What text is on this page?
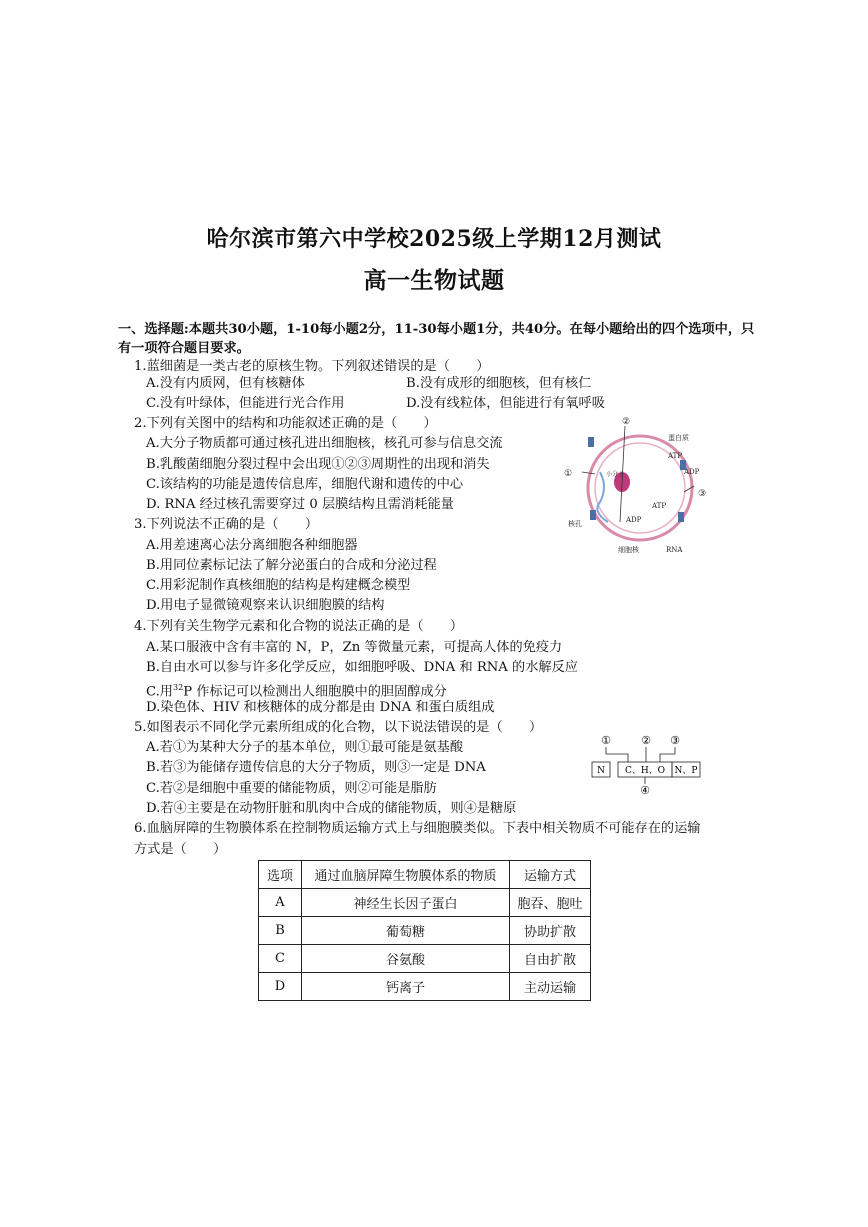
哈尔滨市第六中学校2025级上学期12月测试
高一生物试题
一、选择题:本题共30小题，1-10每小题2分，11-30每小题1分，共40分。在每小题给出的四个选项中，只有一项符合题目要求。
1.蓝细菌是一类古老的原核生物。下列叙述错误的是（　　）
A.没有内质网，但有核糖体	B.没有成形的细胞核，但有核仁
C.没有叶绿体，但能进行光合作用	D.没有线粒体，但能进行有氧呼吸
2.下列有关图中的结构和功能叙述正确的是（　　）
A.大分子物质都可通过核孔进出细胞核，核孔可参与信息交流
B.乳酸菌细胞分裂过程中会出现①②③周期性的出现和消失
C.该结构的功能是遗传信息库，细胞代谢和遗传的中心
D. RNA 经过核孔需要穿过 0 层膜结构且需消耗能量
②
蛋白质
ATP
ADP
①	小分子
③
ATP
ADP
核孔
细胞核	RNA
3.下列说法不正确的是（　　）
A.用差速离心法分离细胞各种细胞器
B.用同位素标记法了解分泌蛋白的合成和分泌过程
C.用彩泥制作真核细胞的结构是构建概念模型
D.用电子显微镜观察来认识细胞膜的结构
4.下列有关生物学元素和化合物的说法正确的是（　　）
A.某口服液中含有丰富的 N，P，Zn 等微量元素，可提高人体的免疫力
B.自由水可以参与许多化学反应，如细胞呼吸、DNA 和 RNA 的水解反应
C.用$^{32}$P 作标记可以检测出人细胞膜中的胆固醇成分
D.染色体、HIV 和核糖体的成分都是由 DNA 和蛋白质组成
5.如图表示不同化学元素所组成的化合物，以下说法错误的是（　　）
A.若①为某种大分子的基本单位，则①最可能是氨基酸
B.若③为能储存遗传信息的大分子物质，则③一定是 DNA
C.若②是细胞中重要的储能物质，则②可能是脂肪
D.若④主要是在动物肝脏和肌肉中合成的储能物质，则④是糖原
①	② ③
N C、H、O N、P
④
6.血脑屏障的生物膜体系在控制物质运输方式上与细胞膜类似。下表中相关物质不可能存在的运输
方式是（　　）
选项	通过血脑屏障生物膜体系的物质	运输方式
A	神经生长因子蛋白	胞吞、胞吐
B	葡萄糖	协助扩散
C	谷氨酸	自由扩散
D	钙离子	主动运输
